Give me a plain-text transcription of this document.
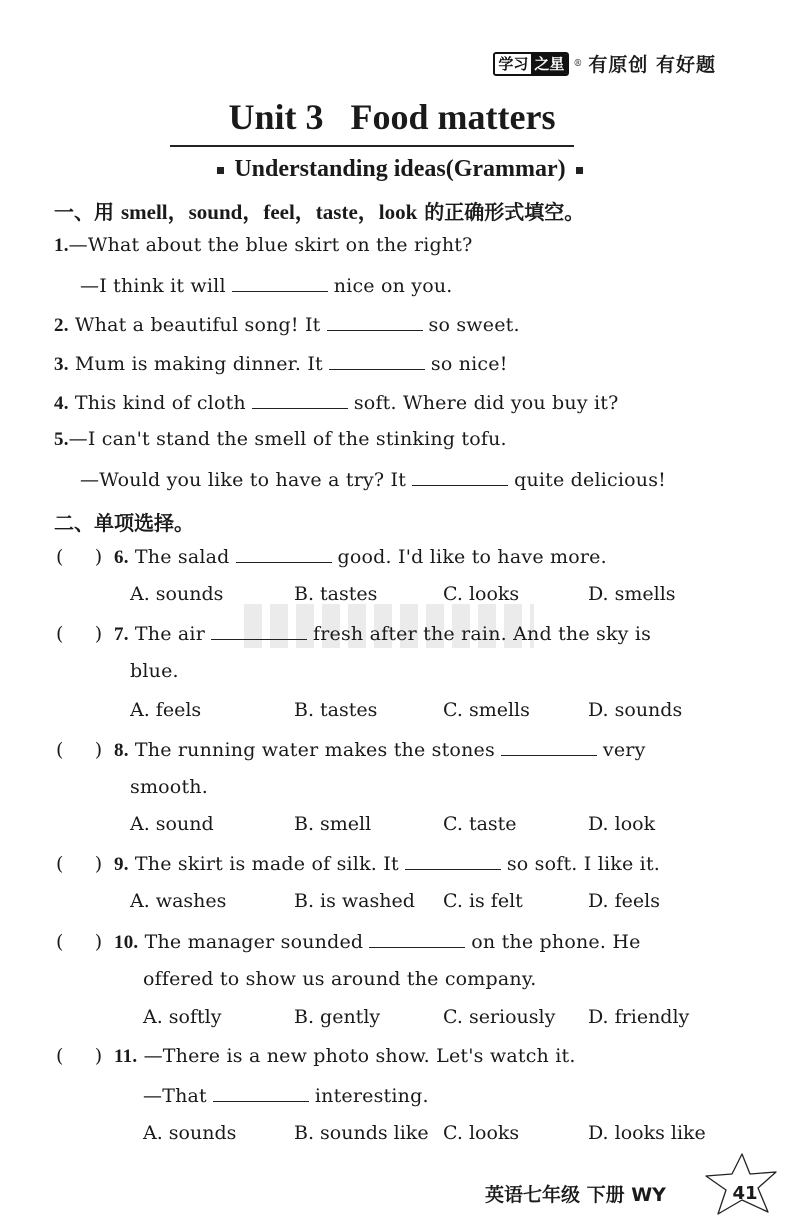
学习 之星	® 有原创 有好题
Unit 3   Food matters
Understanding ideas(Grammar)
一、用 smell，sound，feel，taste，look 的正确形式填空。
1.—What about the blue skirt on the right?
—I think it will	nice on you.
2. What a beautiful song! It	so sweet.
3. Mum is making dinner. It	so nice!
4. This kind of cloth	soft. Where did you buy it?
5.—I can't stand the smell of the stinking tofu.
—Would you like to have a try? It	quite delicious!
二、单项选择。
(     ) 6. The salad	good. I'd like to have more.
A. sounds	B. tastes	C. looks	D. smells
(     ) 7. The air	fresh after the rain. And the sky is
blue.
A. feels	B. tastes	C. smells	D. sounds
(     ) 8. The running water makes the stones	very
smooth.
A. sound	B. smell	C. taste	D. look
(     ) 9. The skirt is made of silk. It	so soft. I like it.
A. washes	B. is washed C. is felt	D. feels
(     ) 10. The manager sounded	on the phone. He
offered to show us around the company.
A. softly	B. gently	C. seriously D. friendly
(     ) 11. —There is a new photo show. Let's watch it.
—That	interesting.
A. sounds	B. sounds like C. looks	D. looks like
英语七年级 下册 WY	41
